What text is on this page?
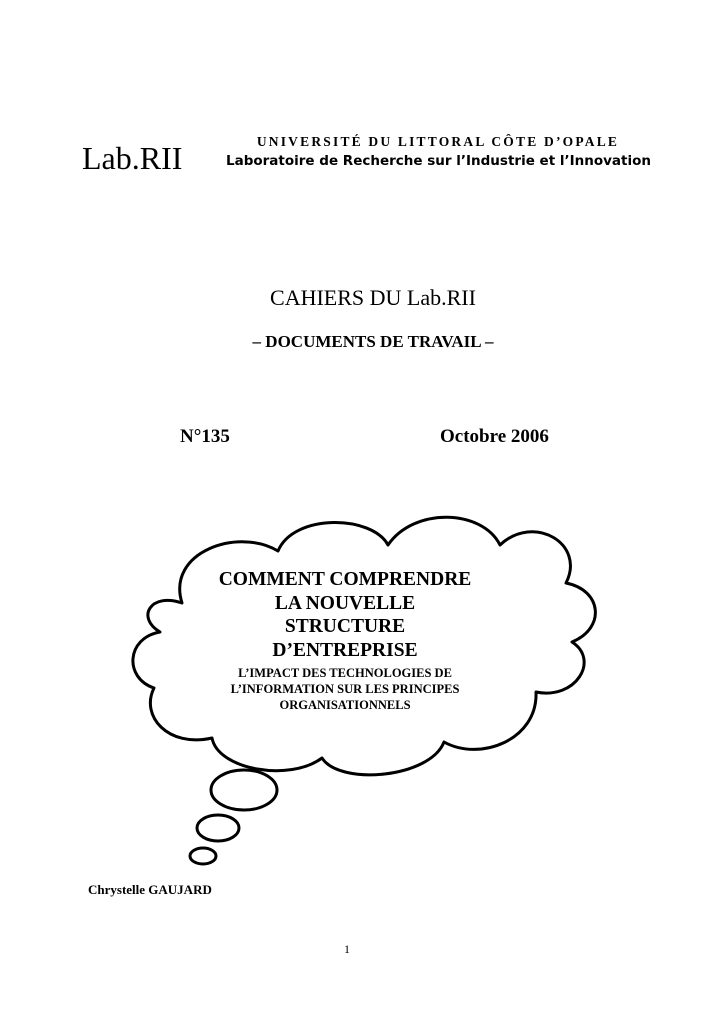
Lab.RII	UNIVERSITÉ DU LITTORAL CÔTE D’OPALE
Laboratoire de Recherche sur l’Industrie et l’Innovation
CAHIERS DU Lab.RII
– DOCUMENTS DE TRAVAIL –
N°135	Octobre 2006
COMMENT COMPRENDRE
LA NOUVELLE
STRUCTURE
D’ENTREPRISE
L’IMPACT DES TECHNOLOGIES DE
L’INFORMATION SUR LES PRINCIPES
ORGANISATIONNELS
Chrystelle GAUJARD
1
